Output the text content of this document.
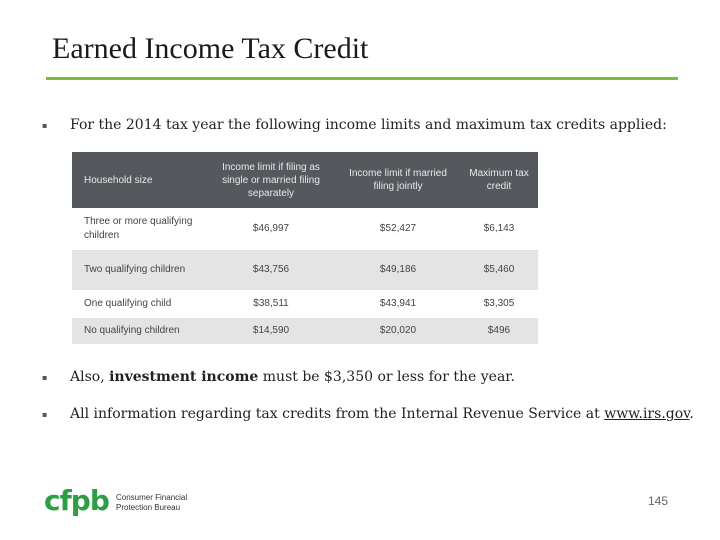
Earned Income Tax Credit
▪ For the 2014 tax year the following income limits and maximum tax credits applied:
Household size	Income limit if filing as single or married filing separately	Income limit if married filing jointly	Maximum tax credit
Three or more qualifying children	$46,997	$52,427	$6,143
Two qualifying children	$43,756	$49,186	$5,460
One qualifying child	$38,511	$43,941	$3,305
No qualifying children	$14,590	$20,020	$496
▪ Also, investment income must be $3,350 or less for the year.
▪ All information regarding tax credits from the Internal Revenue Service at www.irs.gov.
cfpb Consumer Financial
Protection Bureau	145
